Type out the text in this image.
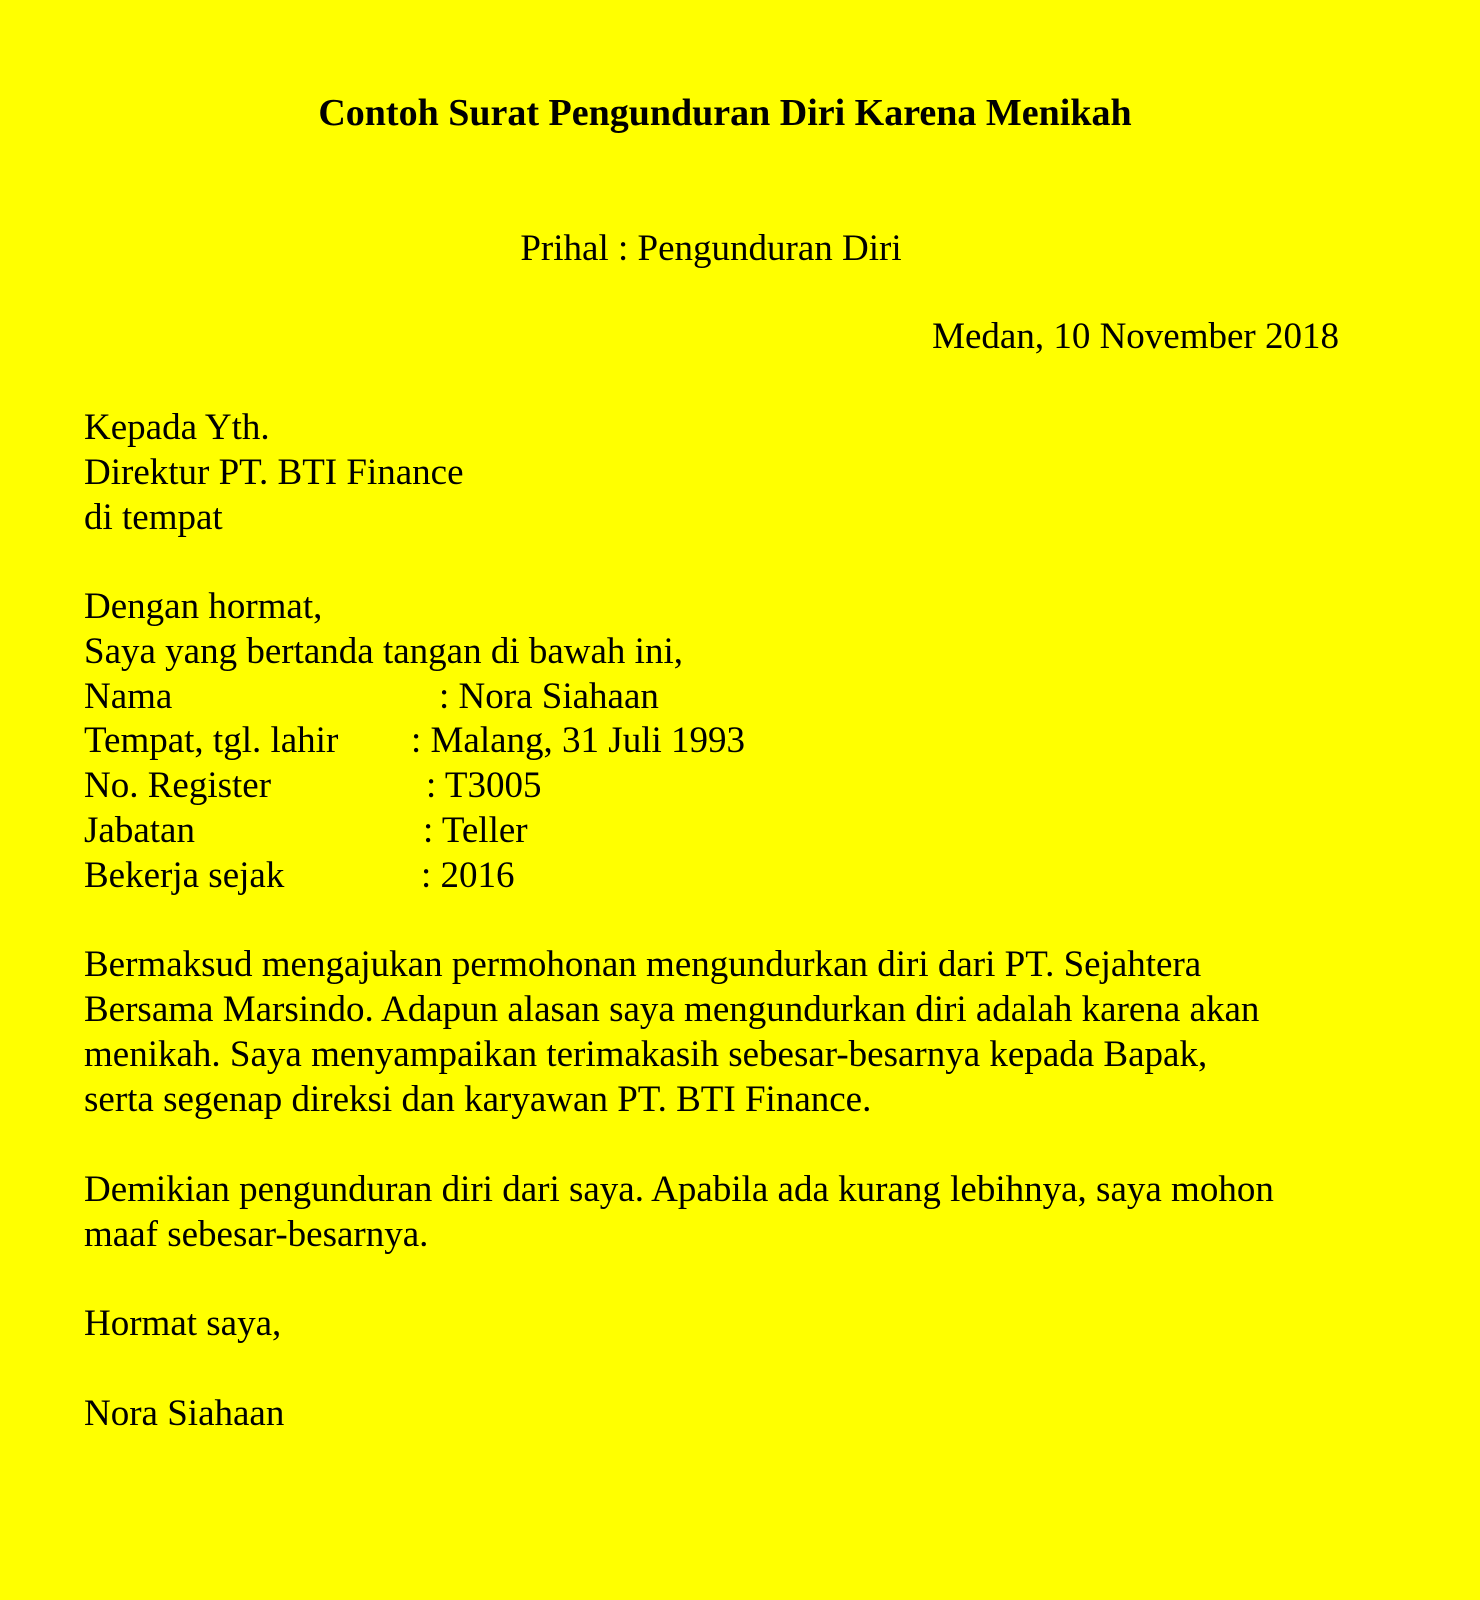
Contoh Surat Pengunduran Diri Karena Menikah
Prihal : Pengunduran Diri
Medan, 10 November 2018
Kepada Yth.
Direktur PT. BTI Finance
di tempat
Dengan hormat,
Saya yang bertanda tangan di bawah ini,
Nama	: Nora Siahaan
Tempat, tgl. lahir : Malang, 31 Juli 1993
No. Register	: T3005
Jabatan	: Teller
Bekerja sejak	: 2016
Bermaksud mengajukan permohonan mengundurkan diri dari PT. Sejahtera
Bersama Marsindo. Adapun alasan saya mengundurkan diri adalah karena akan
menikah. Saya menyampaikan terimakasih sebesar-besarnya kepada Bapak,
serta segenap direksi dan karyawan PT. BTI Finance.
Demikian pengunduran diri dari saya. Apabila ada kurang lebihnya, saya mohon
maaf sebesar-besarnya.
Hormat saya,
Nora Siahaan
